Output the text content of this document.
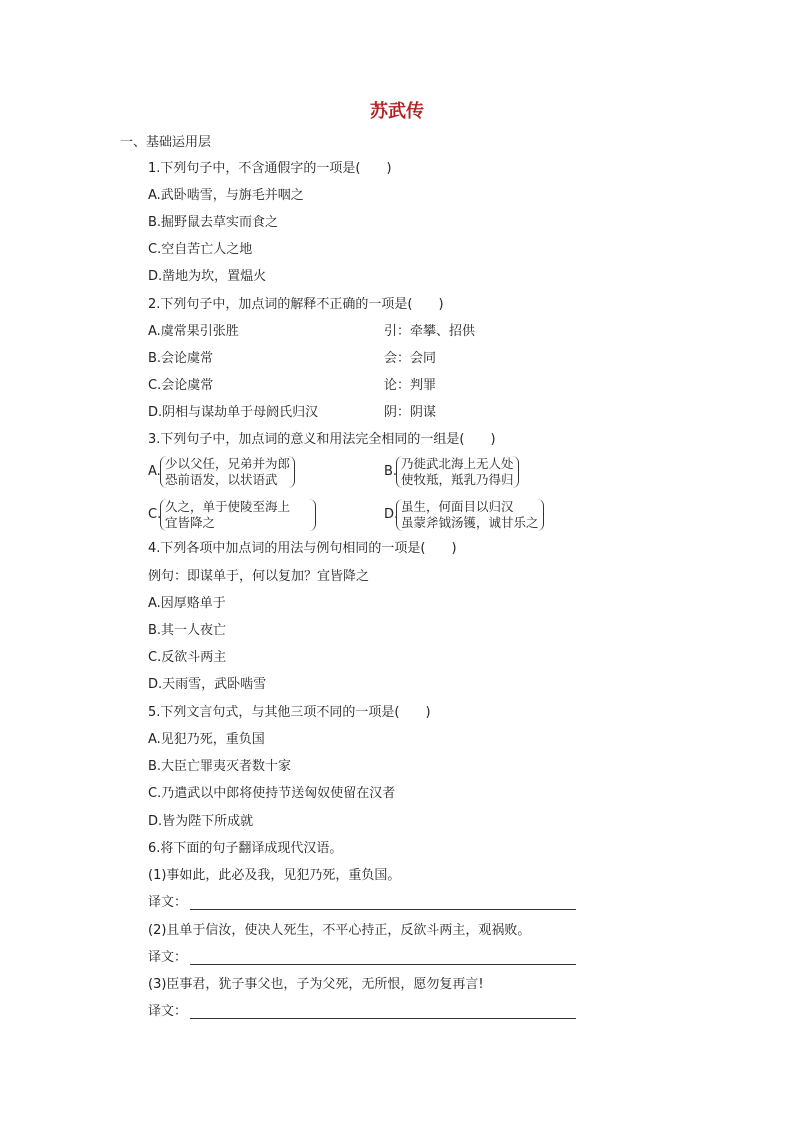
苏武传
一、基础运用层
1.下列句子中，不含通假字的一项是(　　)
A.武卧啮雪，与旃毛并咽之
B.掘野鼠去草实而食之
C.空自苦亡人之地
D.凿地为坎，置煴火
2.下列句子中，加点词的解释不正确的一项是(　　)
A.虞常果引张胜	引：牵攀、招供
B.会论虞常	会：会同
C.会论虞常	论：判罪
D.阴相与谋劫单于母阏氏归汉	阴：阴谋
3.下列句子中，加点词的意义和用法完全相同的一组是(　　)
A.
少以父任，兄弟并为郎
恐前语发，以状语武
B.
乃徙武北海上无人处
使牧羝，羝乳乃得归
C.
久之，单于使陵至海上
宜皆降之
D.
虽生，何面目以归汉
虽蒙斧钺汤镬，诚甘乐之
4.下列各项中加点词的用法与例句相同的一项是(　　)
例句：即谋单于，何以复加？宜皆降之
A.因厚赂单于
B.其一人夜亡
C.反欲斗两主
D.天雨雪，武卧啮雪
5.下列文言句式，与其他三项不同的一项是(　　)
A.见犯乃死，重负国
B.大臣亡罪夷灭者数十家
C.乃遣武以中郎将使持节送匈奴使留在汉者
D.皆为陛下所成就
6.将下面的句子翻译成现代汉语。
(1)事如此，此必及我，见犯乃死，重负国。
译文：
(2)且单于信汝，使决人死生，不平心持正，反欲斗两主，观祸败。
译文：
(3)臣事君，犹子事父也，子为父死，无所恨，愿勿复再言!
译文：
